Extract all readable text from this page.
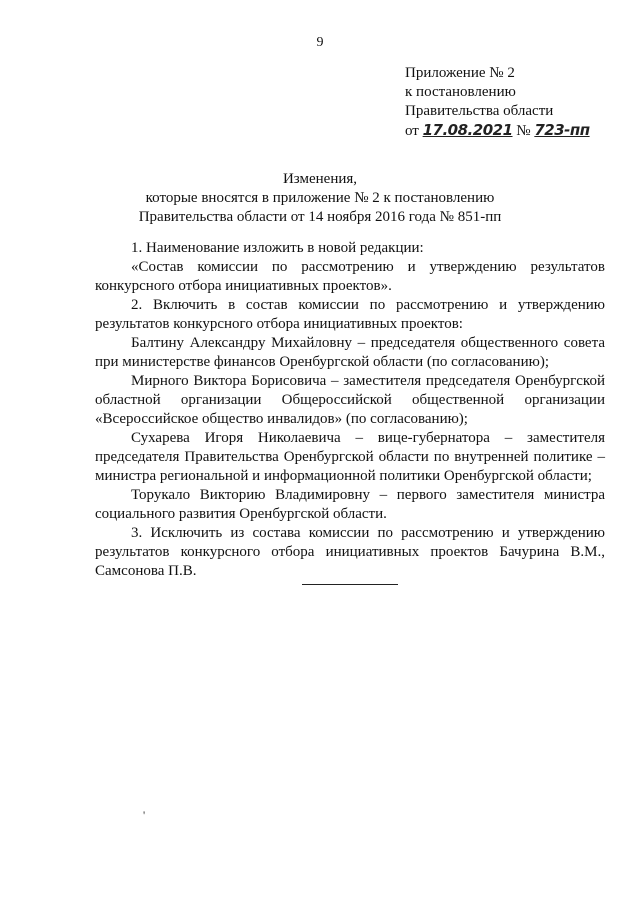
9
Приложение № 2
к постановлению
Правительства области
от 17.08.2021 № 723-пп
Изменения,
которые вносятся в приложение № 2 к постановлению
Правительства области от 14 ноября 2016 года № 851-пп

1. Наименование изложить в новой редакции:

«Состав комиссии по рассмотрению и утверждению результатов конкурсного отбора инициативных проектов».

2. Включить в состав комиссии по рассмотрению и утверждению результатов конкурсного отбора инициативных проектов:

Балтину Александру Михайловну – председателя общественного совета при министерстве финансов Оренбургской области (по согласованию);

Мирного Виктора Борисовича – заместителя председателя Оренбургской областной организации Общероссийской общественной организации «Всероссийское общество инвалидов» (по согласованию);

Сухарева Игоря Николаевича – вице-губернатора – заместителя председателя Правительства Оренбургской области по внутренней политике – министра региональной и информационной политики Оренбургской области;

Торукало Викторию Владимировну – первого заместителя министра социального развития Оренбургской области.

3. Исключить из состава комиссии по рассмотрению и утверждению результатов конкурсного отбора инициативных проектов Бачурина В.М., Самсонова П.В.

'
